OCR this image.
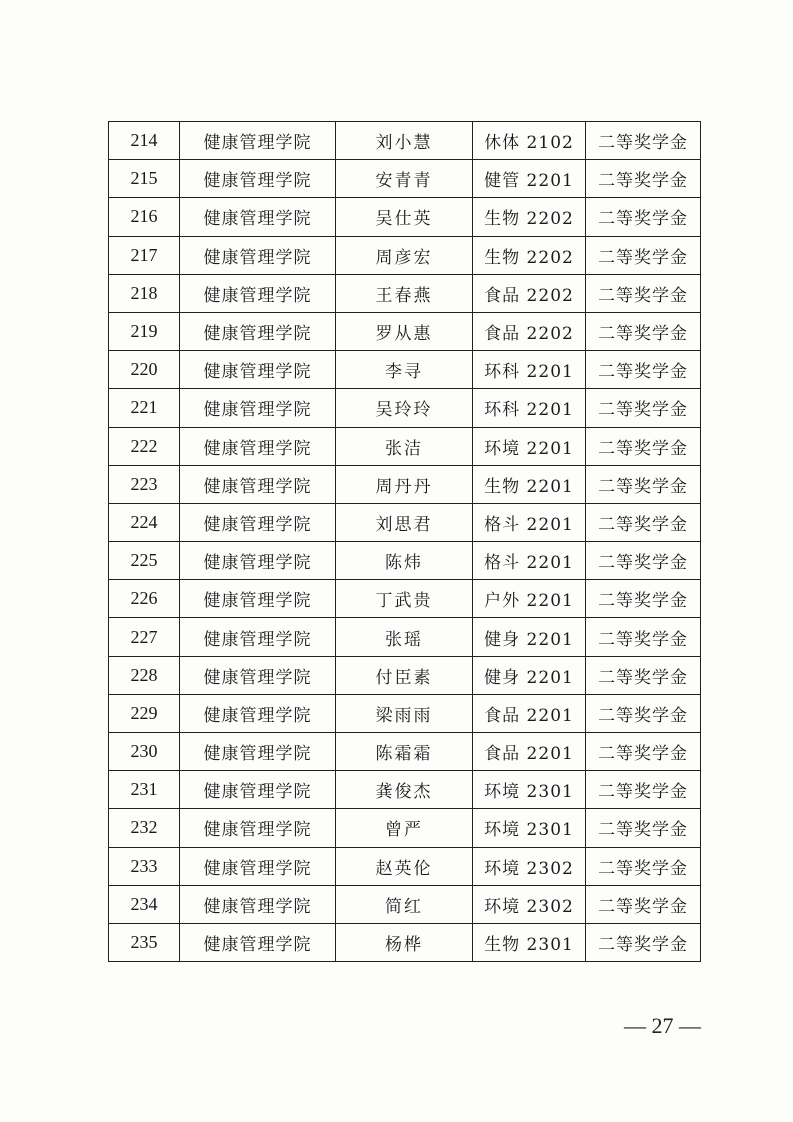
214	健康管理学院	刘小慧	休体 2102	二等奖学金
215	健康管理学院	安青青	健管 2201	二等奖学金
216	健康管理学院	吴仕英	生物 2202	二等奖学金
217	健康管理学院	周彦宏	生物 2202	二等奖学金
218	健康管理学院	王春燕	食品 2202	二等奖学金
219	健康管理学院	罗从惠	食品 2202	二等奖学金
220	健康管理学院	李寻	环科 2201	二等奖学金
221	健康管理学院	吴玲玲	环科 2201	二等奖学金
222	健康管理学院	张洁	环境 2201	二等奖学金
223	健康管理学院	周丹丹	生物 2201	二等奖学金
224	健康管理学院	刘思君	格斗 2201	二等奖学金
225	健康管理学院	陈炜	格斗 2201	二等奖学金
226	健康管理学院	丁武贵	户外 2201	二等奖学金
227	健康管理学院	张瑶	健身 2201	二等奖学金
228	健康管理学院	付臣素	健身 2201	二等奖学金
229	健康管理学院	梁雨雨	食品 2201	二等奖学金
230	健康管理学院	陈霜霜	食品 2201	二等奖学金
231	健康管理学院	龚俊杰	环境 2301	二等奖学金
232	健康管理学院	曾严	环境 2301	二等奖学金
233	健康管理学院	赵英伦	环境 2302	二等奖学金
234	健康管理学院	简红	环境 2302	二等奖学金
235	健康管理学院	杨桦	生物 2301	二等奖学金
— 27 —
